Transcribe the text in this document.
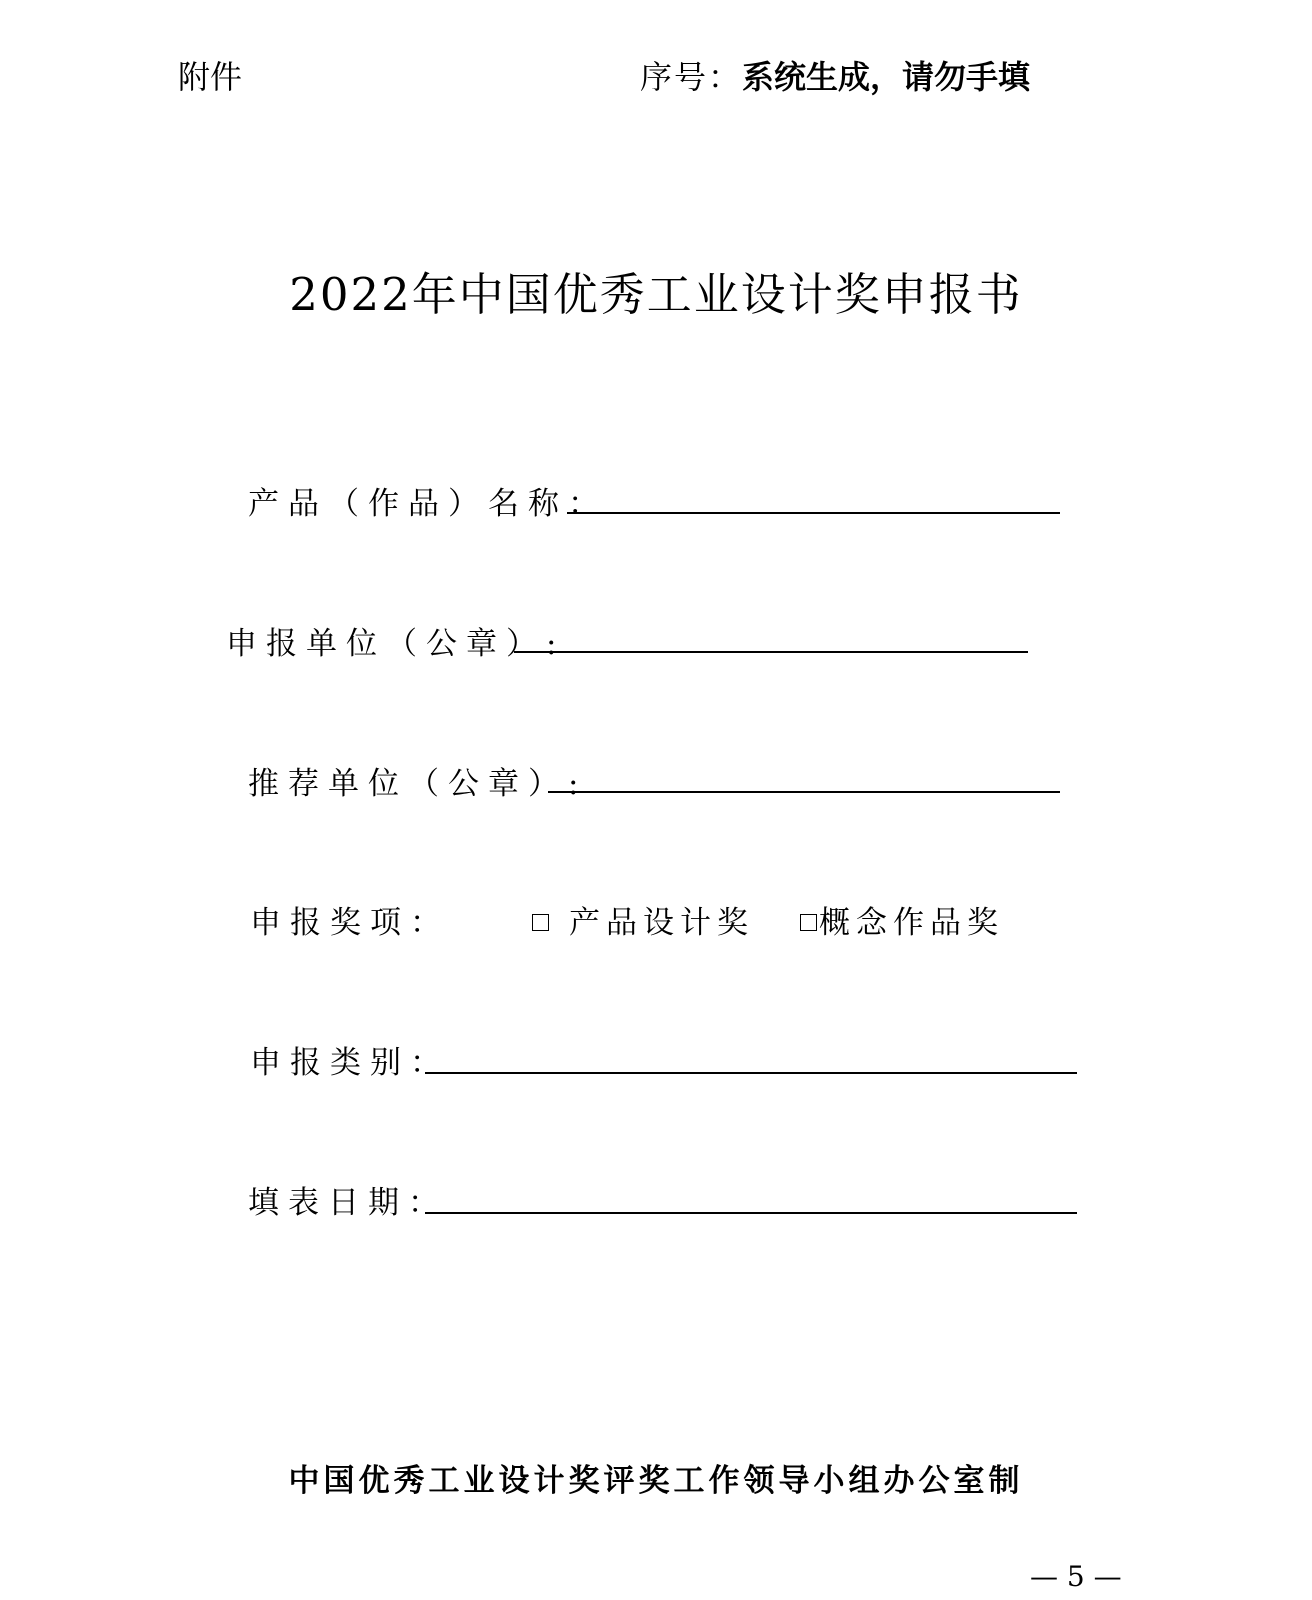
附件	序号：系统生成，请勿手填
2022年中国优秀工业设计奖申报书
产品（作品）名称：
申报单位（公章）:
推荐单位（公章）:
申报奖项：	产品设计奖	概念作品奖
申报类别：
填表日期：
中国优秀工业设计奖评奖工作领导小组办公室制
— 5 —
